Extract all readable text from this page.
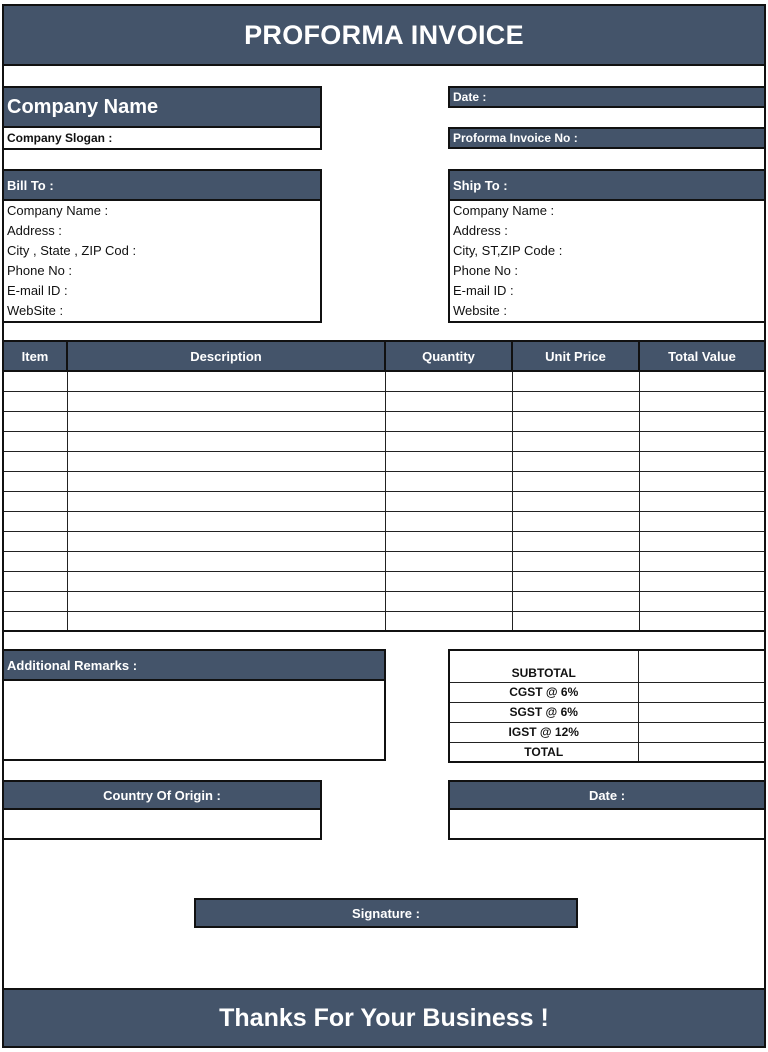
PROFORMA INVOICE
Company Name
Company Slogan :
Date :
Proforma Invoice No :
Bill To :
Company Name :
Address :
City , State , ZIP Cod :
Phone No :
E-mail ID :
WebSite :
Ship To :
Company Name :
Address :
City, ST,ZIP Code :
Phone No :
E-mail ID :
Website :
Item	Description	Quantity	Unit Price	Total Value

Additional Remarks :	SUBTOTAL	
CGST @ 6%	
SGST @ 6%	
IGST @ 12%	
TOTAL	
Country Of Origin :	Date :
Signature :
Thanks For Your Business !
